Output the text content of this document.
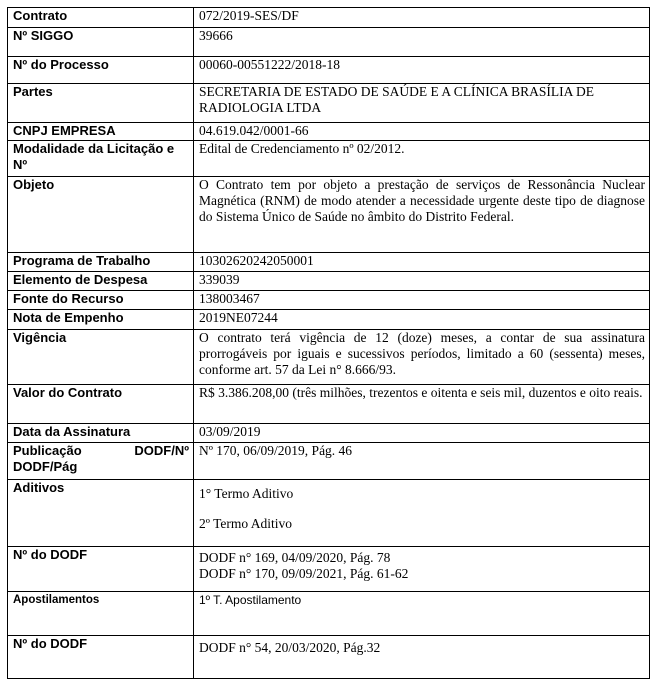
Contrato	072/2019-SES/DF
Nº SIGGO	39666
Nº do Processo	00060-00551222/2018-18
Partes	SECRETARIA DE ESTADO DE SAÚDE E A CLÍNICA BRASÍLIA DE RADIOLOGIA LTDA
CNPJ EMPRESA	04.619.042/0001-66
Modalidade da Licitação e Nº	Edital de Credenciamento nº 02/2012.
Objeto	O Contrato tem por objeto a prestação de serviços de Ressonância Nuclear Magnética (RNM) de modo atender a necessidade urgente deste tipo de diagnose do Sistema Único de Saúde no âmbito do Distrito Federal.
Programa de Trabalho	10302620242050001
Elemento de Despesa	339039
Fonte do Recurso	138003467
Nota de Empenho	2019NE07244
Vigência	O contrato terá vigência de 12 (doze) meses, a contar de sua assinatura prorrogáveis por iguais e sucessivos períodos, limitado a 60 (sessenta) meses, conforme art. 57 da Lei n° 8.666/93.
Valor do Contrato	R$ 3.386.208,00 (três milhões, trezentos e oitenta e seis mil, duzentos e oito reais.
Data da Assinatura	03/09/2019

Publicação DODF/Nº
DODF/Pág	Nº 170, 06/09/2019, Pág. 46
Aditivos	1° Termo Aditivo
2º Termo Aditivo

Nº do DODF	DODF n° 169, 04/09/2020, Pág. 78
DODF n° 170, 09/09/2021, Pág. 61-62

Apostilamentos	1º T. Apostilamento
Nº do DODF	DODF n° 54, 20/03/2020, Pág.32
